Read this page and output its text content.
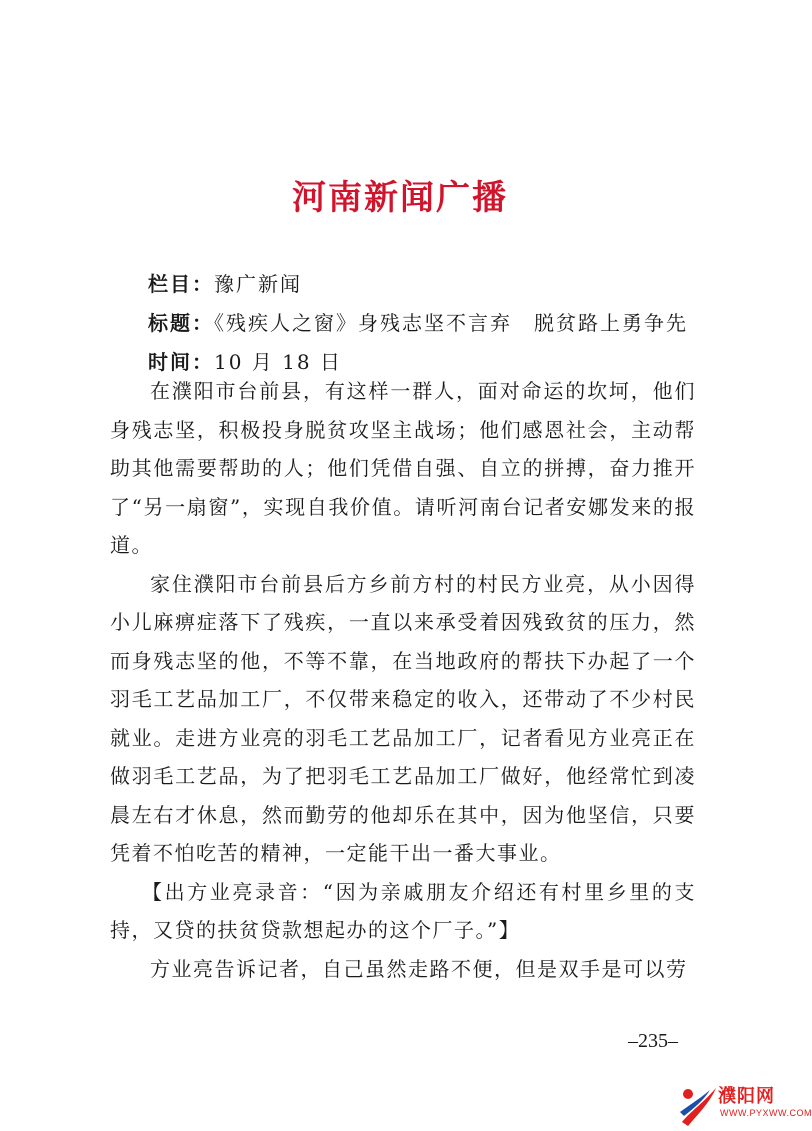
河南新闻广播
栏目：豫广新闻
标题：《残疾人之窗》身残志坚不言弃　脱贫路上勇争先
时间：10 月 18 日

在濮阳市台前县，有这样一群人，面对命运的坎坷，他们身残志坚，积极投身脱贫攻坚主战场；他们感恩社会，主动帮助其他需要帮助的人；他们凭借自强、自立的拼搏，奋力推开了“另一扇窗”，实现自我价值。请听河南台记者安娜发来的报道。

家住濮阳市台前县后方乡前方村的村民方业亮，从小因得小儿麻痹症落下了残疾，一直以来承受着因残致贫的压力，然而身残志坚的他，不等不靠，在当地政府的帮扶下办起了一个羽毛工艺品加工厂，不仅带来稳定的收入，还带动了不少村民就业。走进方业亮的羽毛工艺品加工厂，记者看见方业亮正在做羽毛工艺品，为了把羽毛工艺品加工厂做好，他经常忙到凌晨左右才休息，然而勤劳的他却乐在其中，因为他坚信，只要凭着不怕吃苦的精神，一定能干出一番大事业。

【出方业亮录音：“因为亲戚朋友介绍还有村里乡里的支持，又贷的扶贫贷款想起办的这个厂子。”】

方业亮告诉记者，自己虽然走路不便，但是双手是可以劳

–235–
濮阳网
WWW.PYXWW.COM
